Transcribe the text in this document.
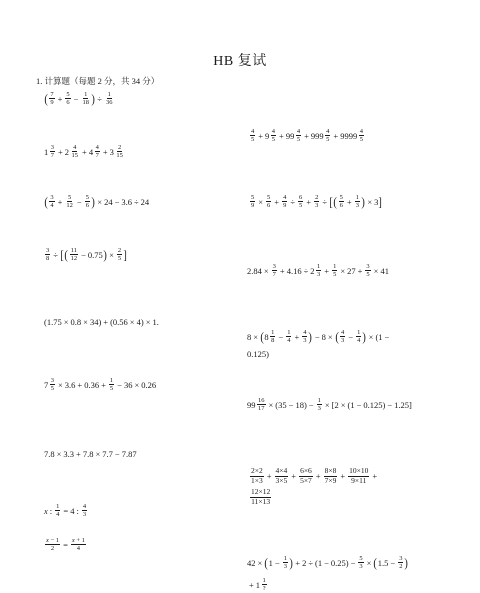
HB 复试
1. 计算题（每题 2 分，共 34 分）
( $\frac{7}{9} + \frac{5}{6} - \frac{1}{18}$ ) ÷ $\frac{1}{36}$
$\frac{4}{5} + 9 \frac{4}{5} + 99 \frac{4}{5} + 999 \frac{4}{5} + 9999 \frac{4}{5}$
$1 \frac{3}{7} + 2 \frac{4}{15} + 4 \frac{4}{7} + 3 \frac{2}{15}$
( $\frac{3}{4} + \frac{5}{12} - \frac{5}{6}$ ) × 24 − 3.6 ÷ 24	$\frac{5}{9} \times \frac{5}{6} + \frac{4}{9} \div \frac{6}{5} + \frac{2}{3}$ ÷ [ ( $\frac{5}{6} + \frac{1}{3}$ ) × 3 ]
$\frac{3}{8}$ ÷ [ ( $\frac{11}{12} - 0.75$ ) × $\frac{2}{5}$ ]
$2.84 \times \frac{3}{7} + 4.16 \div 2 \frac{1}{3} + \frac{1}{5} \times 27 + \frac{3}{5} \times 41$
(1.75 × 0.8 × 34) + (0.56 × 4 ) × 1.
8 × ( $8 \frac{1}{8} - \frac{1}{4} + \frac{4}{3}$ ) − 8 × ( $\frac{4}{3} - \frac{1}{4}$ ) × (1 −
0.125)
$7 \frac{3}{5} \times 3.6 + 0.36 + \frac{1}{5} - 36 \times 0.26$
$99 \frac{16}{17} \times (35 - 18) - \frac{1}{3} \times [2 \times (1 - 0.125) - 1.25]$
7.8 × 3.3 + 7.8 × 7.7 − 7.87
$\frac{2\times 2}{1\times 3} + \frac{4\times 4}{3\times 5} + \frac{6\times 6}{5\times 7} + \frac{8\times 8}{7\times 9} + \frac{10\times 10}{9\times 11}$ +
$\frac{12\times 12}{11\times 13}$
x : $\frac{1}{4} = 4$ : $\frac{4}{3}$
$\frac{x - 1}{2} = \frac{x + 1}{4}$
42 × ( $1 - \frac{1}{3}$ ) + $2 \div (1 - 0.25) - \frac{5}{3}$ × ( $1.5 - \frac{3}{2}$ )
+ $1 \frac{1}{?}$
